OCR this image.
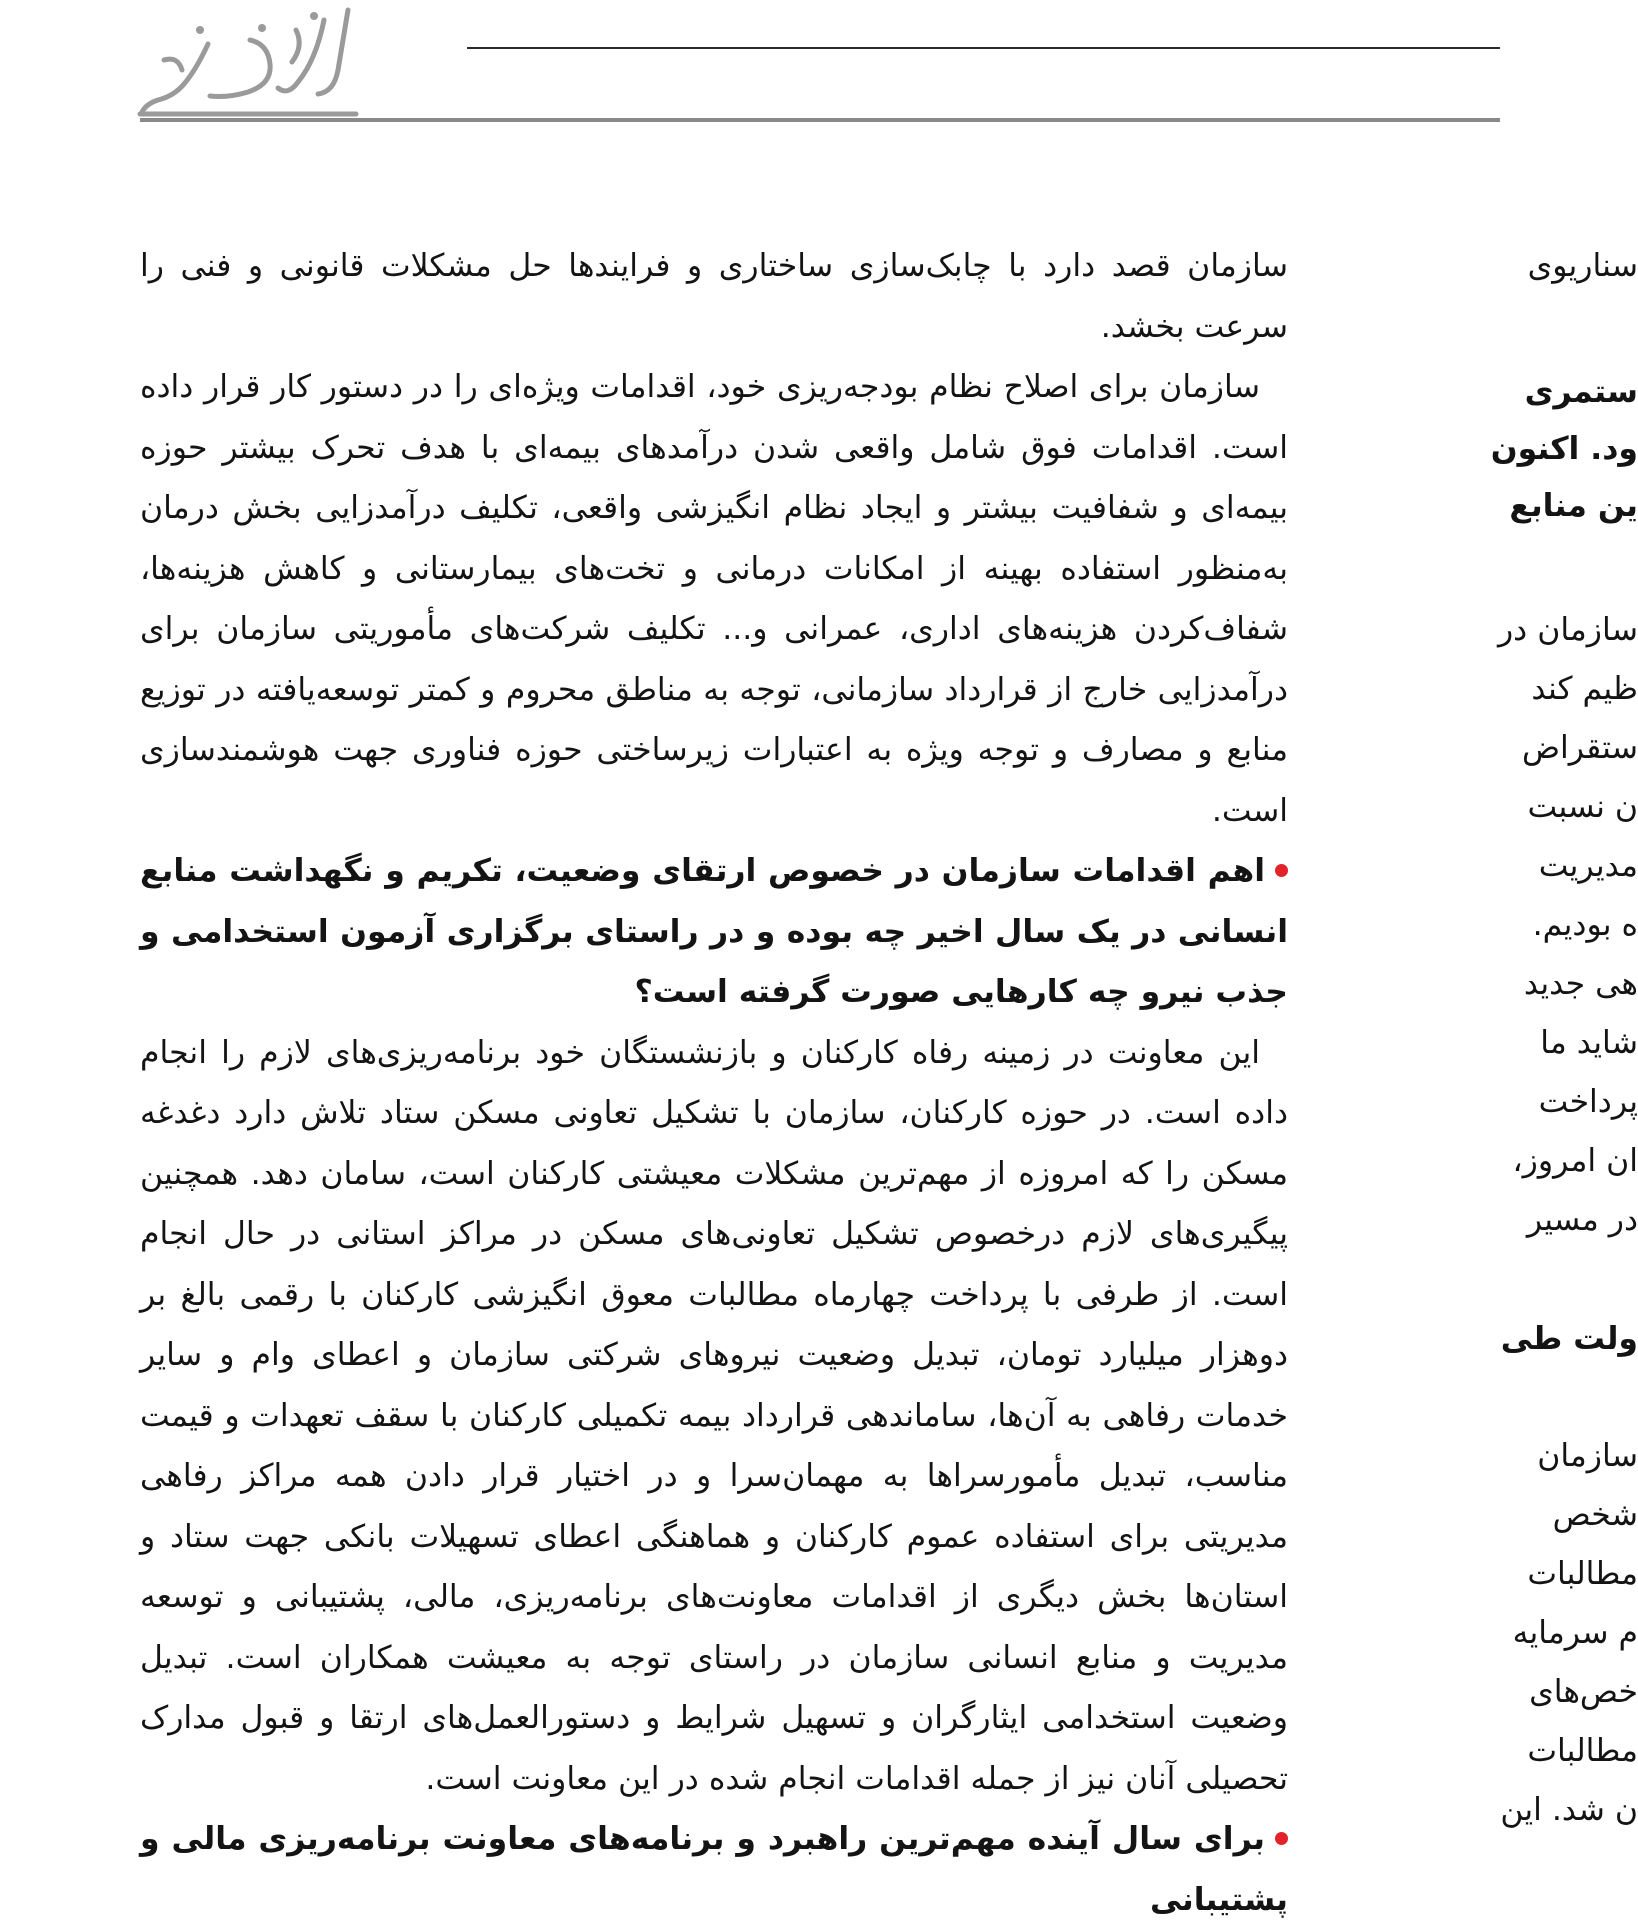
سازمان قصد دارد با چابک‌سازی ساختاری و فرایندها حل مشکلات قانونی و فنی را سرعت بخشد.

سازمان برای اصلاح نظام بودجه‌ریزی خود، اقدامات ویژه‌ای را در دستور کار قرار داده است. اقدامات فوق شامل واقعی شدن درآمدهای بیمه‌ای با هدف تحرک بیشتر حوزه بیمه‌ای و شفافیت بیشتر و ایجاد نظام انگیزشی واقعی، تکلیف درآمدزایی بخش درمان به‌منظور استفاده بهینه از امکانات درمانی و تخت‌های بیمارستانی و کاهش هزینه‌ها، شفاف‌کردن هزینه‌های اداری، عمرانی و... تکلیف شرکت‌های مأموریتی سازمان برای درآمدزایی خارج از قرارداد سازمانی، توجه به مناطق محروم و کمتر توسعه‌یافته در توزیع منابع و مصارف و توجه ویژه به اعتبارات زیرساختی حوزه فناوری جهت هوشمندسازی است.

اهم اقدامات سازمان در خصوص ارتقای وضعیت، تکریم و نگهداشت منابع انسانی در یک سال اخیر چه بوده و در راستای برگزاری آزمون استخدامی و جذب نیرو چه کارهایی صورت گرفته است؟

این معاونت در زمینه رفاه کارکنان و بازنشستگان خود برنامه‌ریزی‌های لازم را انجام داده است. در حوزه کارکنان، سازمان با تشکیل تعاونی مسکن ستاد تلاش دارد دغدغه مسکن را که امروزه از مهم‌ترین مشکلات معیشتی کارکنان است، سامان دهد. همچنین پیگیری‌های لازم درخصوص تشکیل تعاونی‌های مسکن در مراکز استانی در حال انجام است. از طرفی با پرداخت چهارماه مطالبات معوق انگیزشی کارکنان با رقمی بالغ بر دوهزار میلیارد تومان، تبدیل وضعیت نیروهای شرکتی سازمان و اعطای وام و سایر خدمات رفاهی به آن‌ها، ساماندهی قرارداد بیمه تکمیلی کارکنان با سقف تعهدات و قیمت مناسب، تبدیل مأمورسراها به مهمان‌سرا و در اختیار قرار دادن همه مراکز رفاهی مدیریتی برای استفاده عموم کارکنان و هماهنگی اعطای تسهیلات بانکی جهت ستاد و استان‌ها بخش دیگری از اقدامات معاونت‌های برنامه‌ریزی، مالی، پشتیبانی و توسعه مدیریت و منابع انسانی سازمان در راستای توجه به معیشت همکاران است. تبدیل وضعیت استخدامی ایثارگران و تسهیل شرایط و دستورالعمل‌های ارتقا و قبول مدارک تحصیلی آنان نیز از جمله اقدامات انجام شده در این معاونت است.

برای سال آینده مهم‌ترین راهبرد و برنامه‌های معاونت برنامه‌ریزی مالی و پشتیبانی

سناریوی
ستمری
ود. اکنون
ین منابع
سازمان در
ظیم کند
ستقراض
ن نسبت
مدیریت
ه بودیم.
هی جدید
شاید ما
پرداخت
ان امروز،
در مسیر
ولت طی
سازمان
شخص
مطالبات
م سرمایه
خص‌های
مطالبات
ن شد. این
